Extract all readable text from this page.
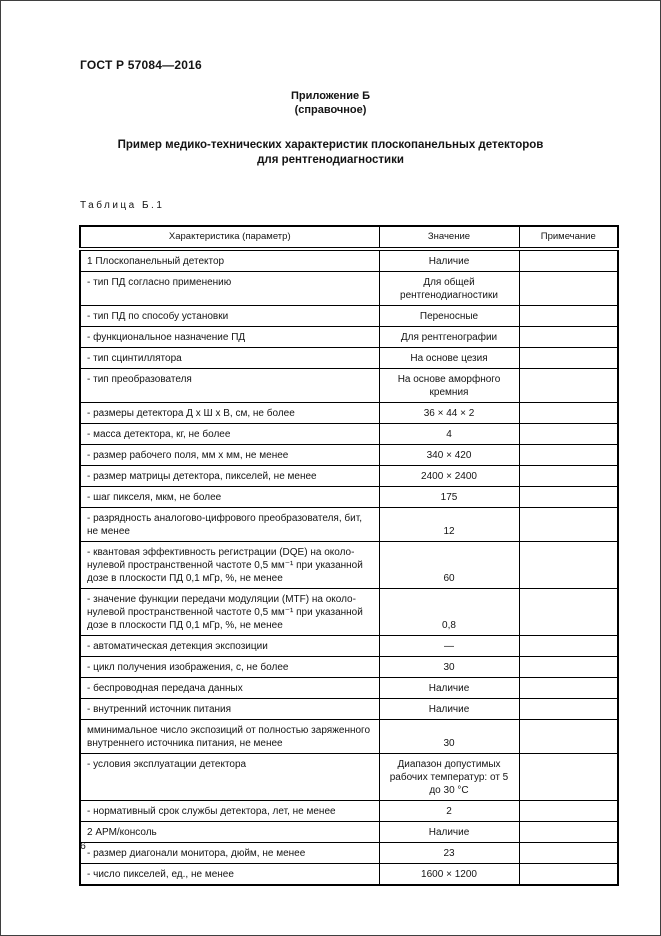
ГОСТ Р 57084—2016
Приложение Б
(справочное)
Пример медико-технических характеристик плоскопанельных детекторов
для рентгенодиагностики
Таблица Б.1
Характеристика (параметр)	Значение	Примечание
1 Плоскопанельный детектор	Наличие	
- тип ПД согласно применению	Для общей рентгенодиагностики	
- тип ПД по способу установки	Переносные	
- функциональное назначение ПД	Для рентгенографии	
- тип сцинтиллятора	На основе цезия	
- тип преобразователя	На основе аморфного кремния	
- размеры детектора Д х Ш х В, см, не более	36 × 44 × 2	
- масса детектора, кг, не более	4	
- размер рабочего поля, мм х мм, не менее	340 × 420	
- размер матрицы детектора, пикселей, не менее	2400 × 2400	
- шаг пикселя, мкм, не более	175	
- разрядность аналогово-цифрового преобразователя, бит, не менее	12	
- квантовая эффективность регистрации (DQE) на около-нулевой пространственной частоте 0,5 мм⁻¹ при указанной дозе в плоскости ПД 0,1 мГр, %, не менее	60	
- значение функции передачи модуляции (MTF) на около-нулевой пространственной частоте 0,5 мм⁻¹ при указанной дозе в плоскости ПД 0,1 мГр, %, не менее	0,8	
- автоматическая детекция экспозиции	—	
- цикл получения изображения, с, не более	30	
- беспроводная передача данных	Наличие	
- внутренний источник питания	Наличие	
мминимальное число экспозиций от полностью заряженного внутреннего источника питания, не менее	30	
- условия эксплуатации детектора	Диапазон допустимых рабочих температур: от 5 до 30 °С	
- нормативный срок службы детектора, лет, не менее	2	
2 АРМ/консоль	Наличие	
- размер диагонали монитора, дюйм, не менее	23	
- число пикселей, ед., не менее	1600 × 1200	
6
